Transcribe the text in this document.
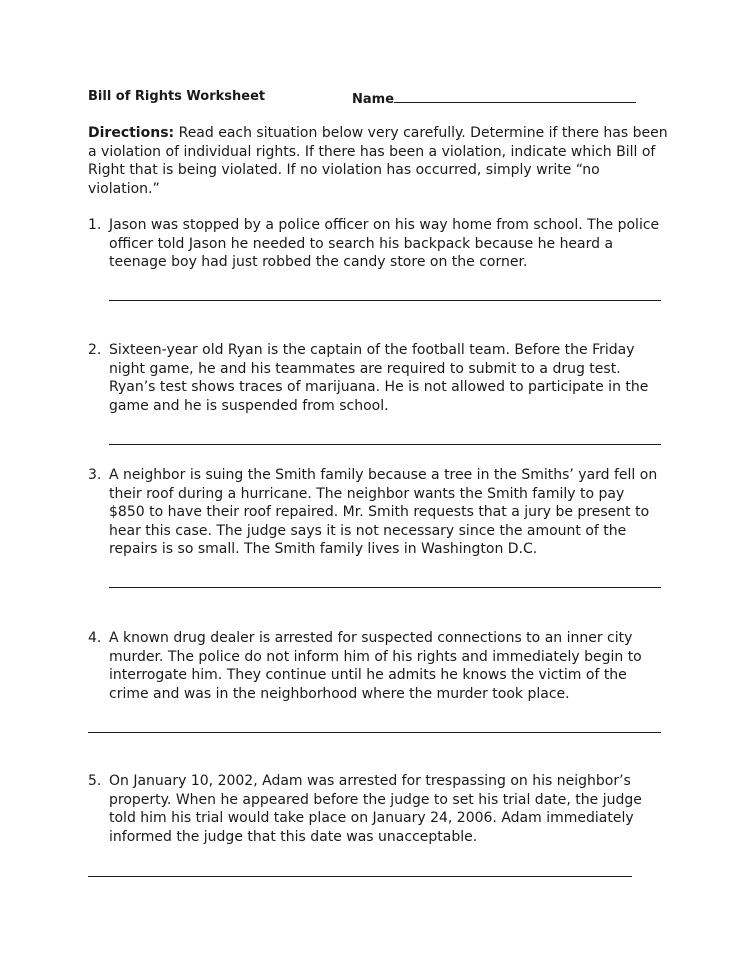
Bill of Rights Worksheet	Name
Directions: Read each situation below very carefully. Determine if there has been a violation of individual rights. If there has been a violation, indicate which Bill of Right that is being violated. If no violation has occurred, simply write “no violation.”
1. Jason was stopped by a police officer on his way home from school. The police officer told Jason he needed to search his backpack because he heard a teenage boy had just robbed the candy store on the corner.
2. Sixteen-year old Ryan is the captain of the football team. Before the Friday night game, he and his teammates are required to submit to a drug test. Ryan’s test shows traces of marijuana. He is not allowed to participate in the game and he is suspended from school.
3. A neighbor is suing the Smith family because a tree in the Smiths’ yard fell on their roof during a hurricane. The neighbor wants the Smith family to pay $850 to have their roof repaired. Mr. Smith requests that a jury be present to hear this case. The judge says it is not necessary since the amount of the repairs is so small. The Smith family lives in Washington D.C.
4. A known drug dealer is arrested for suspected connections to an inner city murder. The police do not inform him of his rights and immediately begin to interrogate him. They continue until he admits he knows the victim of the crime and was in the neighborhood where the murder took place.
5. On January 10, 2002, Adam was arrested for trespassing on his neighbor’s property. When he appeared before the judge to set his trial date, the judge told him his trial would take place on January 24, 2006. Adam immediately informed the judge that this date was unacceptable.
